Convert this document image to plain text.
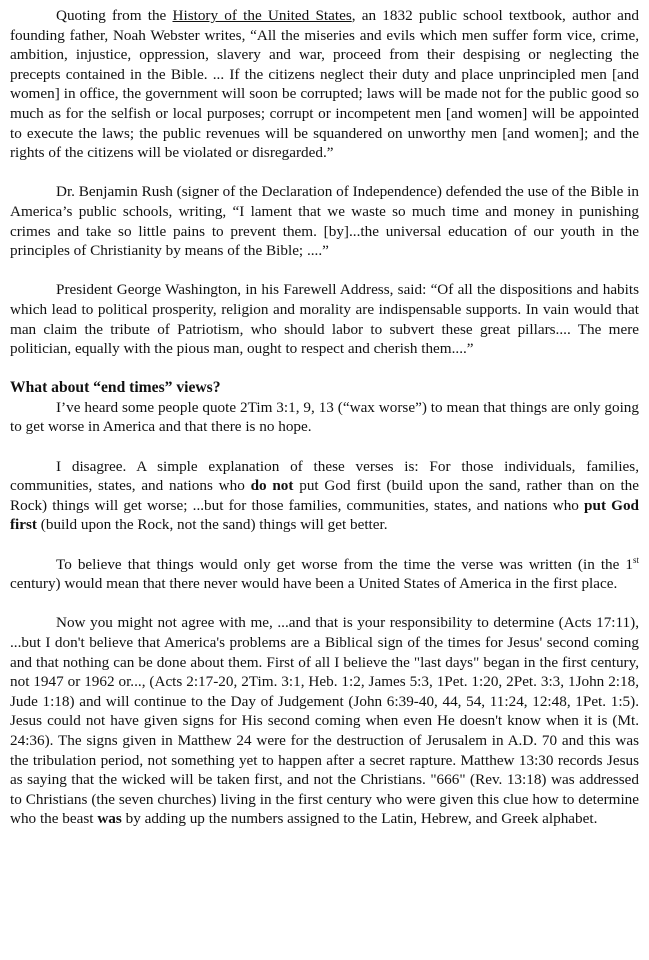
Quoting from the History of the United States, an 1832 public school textbook, author and founding father, Noah Webster writes, “All the miseries and evils which men suffer form vice, crime, ambition, injustice, oppression, slavery and war, proceed from their despising or neglecting the precepts contained in the Bible. ... If the citizens neglect their duty and place unprincipled men [and women] in office, the government will soon be corrupted; laws will be made not for the public good so much as for the selfish or local purposes; corrupt or incompetent men [and women] will be appointed to execute the laws; the public revenues will be squandered on unworthy men [and women]; and the rights of the citizens will be violated or disregarded.”

Dr. Benjamin Rush (signer of the Declaration of Independence) defended the use of the Bible in America’s public schools, writing, “I lament that we waste so much time and money in punishing crimes and take so little pains to prevent them. [by]...the universal education of our youth in the principles of Christianity by means of the Bible; ....”

President George Washington, in his Farewell Address, said: “Of all the dispositions and habits which lead to political prosperity, religion and morality are indispensable supports. In vain would that man claim the tribute of Patriotism, who should labor to subvert these great pillars.... The mere politician, equally with the pious man, ought to respect and cherish them....”

What about “end times” views?

I’ve heard some people quote 2Tim 3:1, 9, 13 (“wax worse”) to mean that things are only going to get worse in America and that there is no hope.

I disagree. A simple explanation of these verses is: For those individuals, families, communities, states, and nations who do not put God first (build upon the sand, rather than on the Rock) things will get worse; ...but for those families, communities, states, and nations who put God first (build upon the Rock, not the sand) things will get better.

To believe that things would only get worse from the time the verse was written (in the 1st century) would mean that there never would have been a United States of America in the first place.

Now you might not agree with me, ...and that is your responsibility to determine (Acts 17:11), ...but I don't believe that America's problems are a Biblical sign of the times for Jesus' second coming and that nothing can be done about them. First of all I believe the "last days" began in the first century, not 1947 or 1962 or..., (Acts 2:17-20, 2Tim. 3:1, Heb. 1:2, James 5:3, 1Pet. 1:20, 2Pet. 3:3, 1John 2:18, Jude 1:18) and will continue to the Day of Judgement (John 6:39-40, 44, 54, 11:24, 12:48, 1Pet. 1:5). Jesus could not have given signs for His second coming when even He doesn't know when it is (Mt. 24:36). The signs given in Matthew 24 were for the destruction of Jerusalem in A.D. 70 and this was the tribulation period, not something yet to happen after a secret rapture. Matthew 13:30 records Jesus as saying that the wicked will be taken first, and not the Christians. "666" (Rev. 13:18) was addressed to Christians (the seven churches) living in the first century who were given this clue how to determine who the beast was by adding up the numbers assigned to the Latin, Hebrew, and Greek alphabet.
